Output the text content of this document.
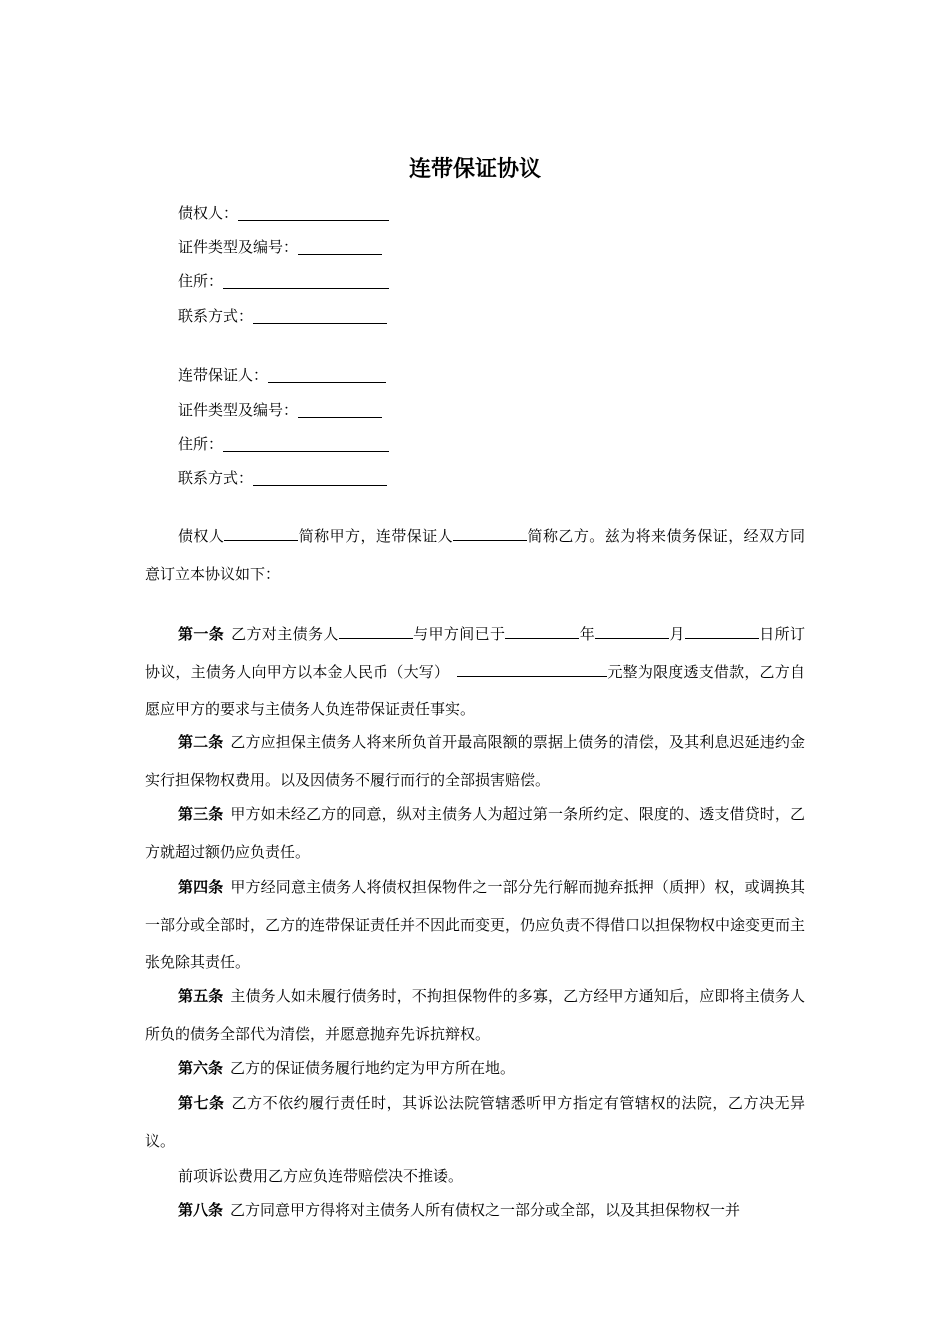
连带保证协议
债权人：
证件类型及编号：
住所：
联系方式：
连带保证人：
证件类型及编号：
住所：
联系方式：

债权人	简称甲方，连带保证人	简称乙方。兹为将来债务保证，经双方同意订立本协议如下：

第一条 乙方对主债务人	与甲方间已于	年	月	日所订协议，主债务人向甲方以本金人民币（大写）	元整为限度透支借款，乙方自愿应甲方的要求与主债务人负连带保证责任事实。

第二条 乙方应担保主债务人将来所负首开最高限额的票据上债务的清偿，及其利息迟延违约金实行担保物权费用。以及因债务不履行而行的全部损害赔偿。

第三条 甲方如未经乙方的同意，纵对主债务人为超过第一条所约定、限度的、透支借贷时，乙方就超过额仍应负责任。

第四条 甲方经同意主债务人将债权担保物件之一部分先行解而抛弃抵押（质押）权，或调换其一部分或全部时，乙方的连带保证责任并不因此而变更，仍应负责不得借口以担保物权中途变更而主张免除其责任。

第五条 主债务人如未履行债务时，不拘担保物件的多寡，乙方经甲方通知后，应即将主债务人所负的债务全部代为清偿，并愿意抛弃先诉抗辩权。

第六条 乙方的保证债务履行地约定为甲方所在地。

第七条 乙方不依约履行责任时，其诉讼法院管辖悉听甲方指定有管辖权的法院，乙方决无异议。

前项诉讼费用乙方应负连带赔偿决不推诿。

第八条 乙方同意甲方得将对主债务人所有债权之一部分或全部，以及其担保物权一并
